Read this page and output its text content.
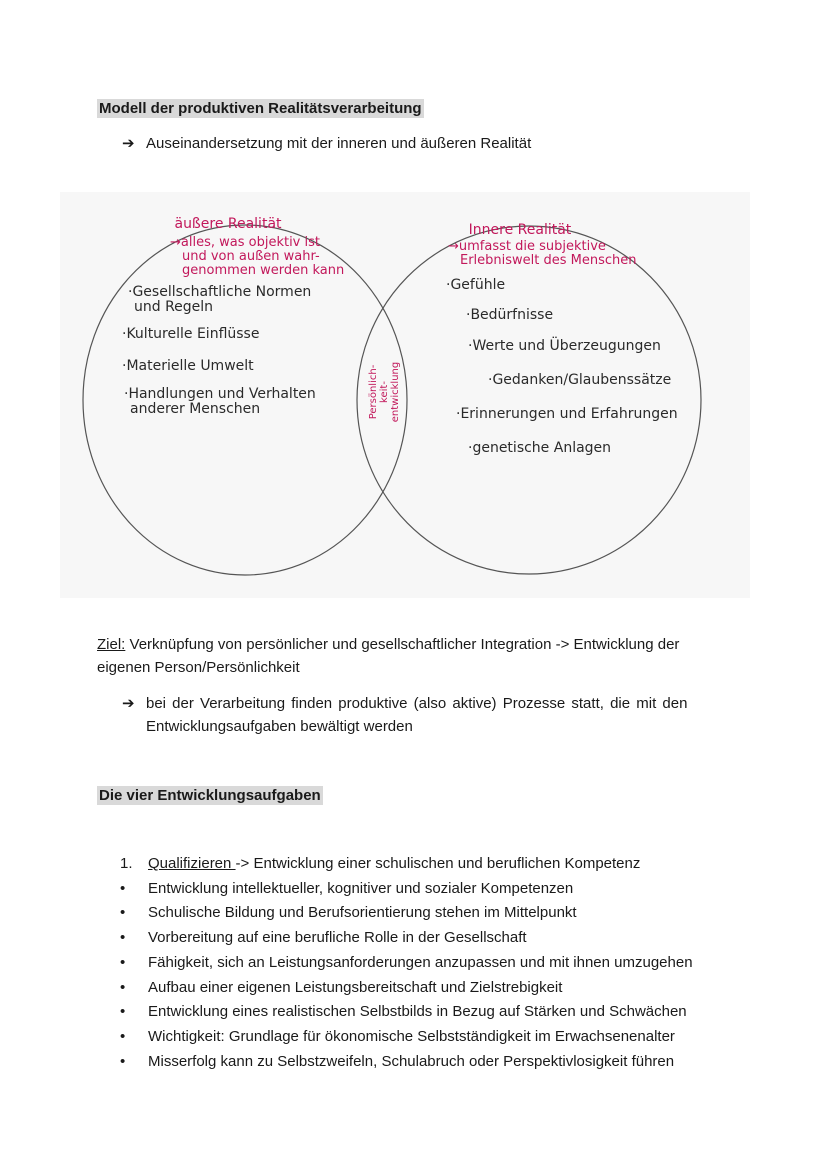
Modell der produktiven Realitätsverarbeitung
➔ Auseinandersetzung mit der inneren und äußeren Realität
äußere Realität
→alles, was objektiv ist
und von außen wahr-
genommen werden kann
·Gesellschaftliche Normen
und Regeln
·Kulturelle Einflüsse
·Materielle Umwelt
·Handlungen und Verhalten
anderer Menschen	Persönlich- keit- entwicklung
Innere Realität
→umfasst die subjektive
Erlebniswelt des Menschen
·Gefühle
·Bedürfnisse
·Werte und Überzeugungen
·Gedanken/Glaubenssätze
·Erinnerungen und Erfahrungen
·genetische Anlagen
Ziel: Verknüpfung von persönlicher und gesellschaftlicher Integration -> Entwicklung der
eigenen Person/Persönlichkeit
➔ bei der Verarbeitung finden produktive (also aktive) Prozesse statt, die mit den
Entwicklungsaufgaben bewältigt werden
Die vier Entwicklungsaufgaben
1.	Qualifizieren -> Entwicklung einer schulischen und beruflichen Kompetenz
•	Entwicklung intellektueller, kognitiver und sozialer Kompetenzen
•	Schulische Bildung und Berufsorientierung stehen im Mittelpunkt
•	Vorbereitung auf eine berufliche Rolle in der Gesellschaft
•	Fähigkeit, sich an Leistungsanforderungen anzupassen und mit ihnen umzugehen
•	Aufbau einer eigenen Leistungsbereitschaft und Zielstrebigkeit
•	Entwicklung eines realistischen Selbstbilds in Bezug auf Stärken und Schwächen
•	Wichtigkeit: Grundlage für ökonomische Selbstständigkeit im Erwachsenenalter
•	Misserfolg kann zu Selbstzweifeln, Schulabruch oder Perspektivlosigkeit führen
